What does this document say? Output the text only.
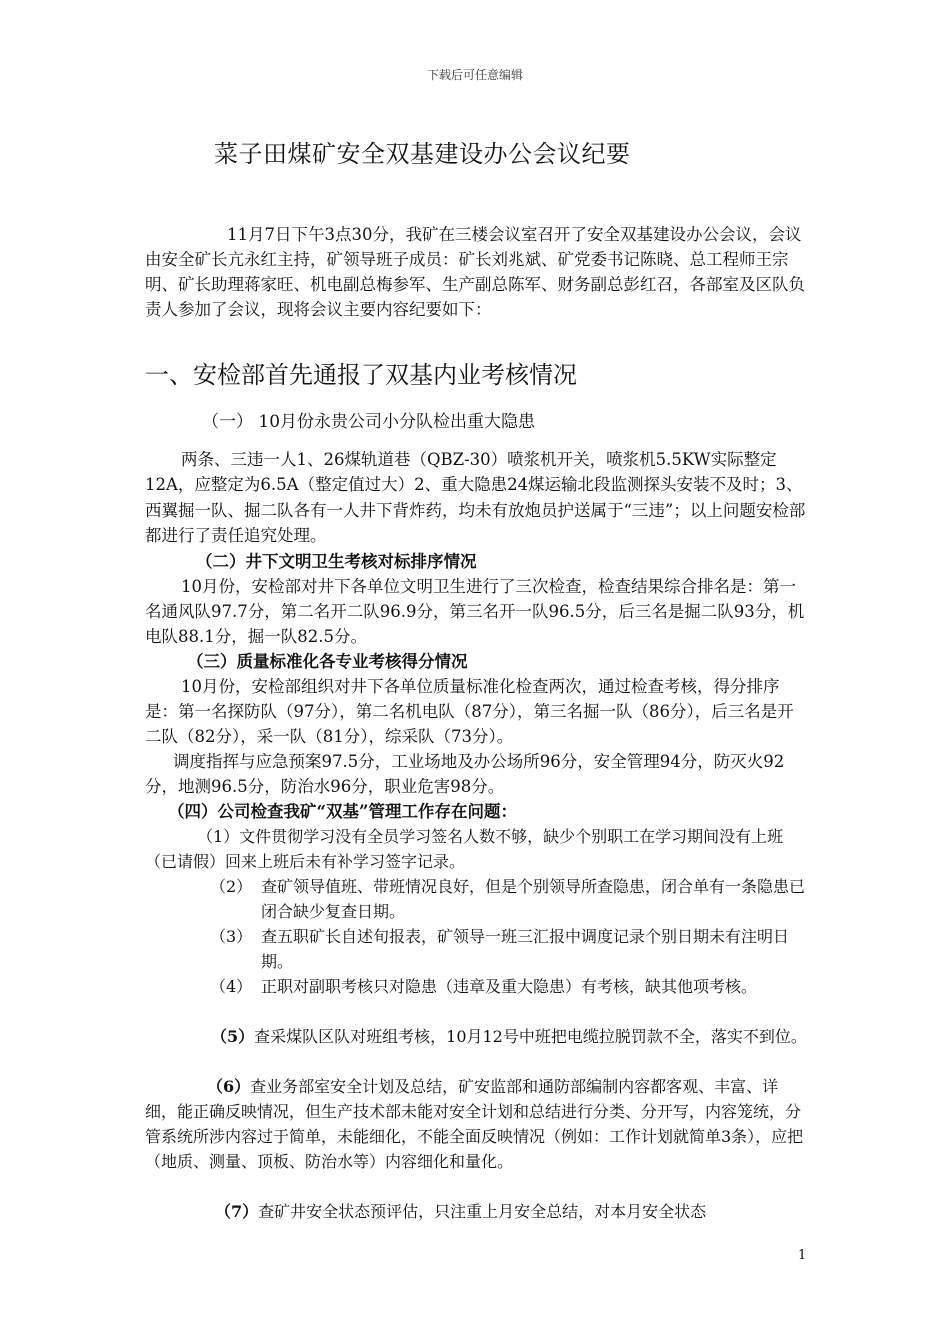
下载后可任意编辑
菜子田煤矿安全双基建设办公会议纪要

11月7日下午3点30分，我矿在三楼会议室召开了安全双基建设办公会议，会议由安全矿长亢永红主持，矿领导班子成员：矿长刘兆斌、矿党委书记陈晓、总工程师王宗明、矿长助理蒋家旺、机电副总梅参军、生产副总陈军、财务副总彭红召，各部室及区队负责人参加了会议，现将会议主要内容纪要如下：

一、安检部首先通报了双基内业考核情况

（一） 10月份永贵公司小分队检出重大隐患

两条、三违一人1、26煤轨道巷（QBZ-30）喷浆机开关，喷浆机5.5KW实际整定12A，应整定为6.5A（整定值过大）2、重大隐患24煤运输北段监测探头安装不及时；3、西翼掘一队、掘二队各有一人井下背炸药，均未有放炮员护送属于“三违”；以上问题安检部都进行了责任追究处理。

（二）井下文明卫生考核对标排序情况

10月份，安检部对井下各单位文明卫生进行了三次检查，检查结果综合排名是：第一名通风队97.7分，第二名开二队96.9分，第三名开一队96.5分，后三名是掘二队93分，机电队88.1分，掘一队82.5分。

（三）质量标准化各专业考核得分情况

10月份，安检部组织对井下各单位质量标准化检查两次，通过检查考核，得分排序是：第一名探防队（97分），第二名机电队（87分），第三名掘一队（86分），后三名是开二队（82分），采一队（81分），综采队（73分）。

调度指挥与应急预案97.5分，工业场地及办公场所96分，安全管理94分，防灭火92分，地测96.5分，防治水96分，职业危害98分。

（四）公司检查我矿“双基”管理工作存在问题：

（1）文件贯彻学习没有全员学习签名人数不够，缺少个别职工在学习期间没有上班（已请假）回来上班后未有补学习签字记录。

（2） 查矿领导值班、带班情况良好，但是个别领导所查隐患，闭合单有一条隐患已闭合缺少复查日期。
（3） 查五职矿长自述旬报表，矿领导一班三汇报中调度记录个别日期未有注明日期。
（4） 正职对副职考核只对隐患（违章及重大隐患）有考核，缺其他项考核。

（5）查采煤队区队对班组考核，10月12号中班把电缆拉脱罚款不全，落实不到位。

（6）查业务部室安全计划及总结，矿安监部和通防部编制内容都客观、丰富、详细，能正确反映情况，但生产技术部未能对安全计划和总结进行分类、分开写，内容笼统，分管系统所涉内容过于简单，未能细化，不能全面反映情况（例如：工作计划就简单3条），应把（地质、测量、顶板、防治水等）内容细化和量化。

（7）查矿井安全状态预评估，只注重上月安全总结，对本月安全状态

1
